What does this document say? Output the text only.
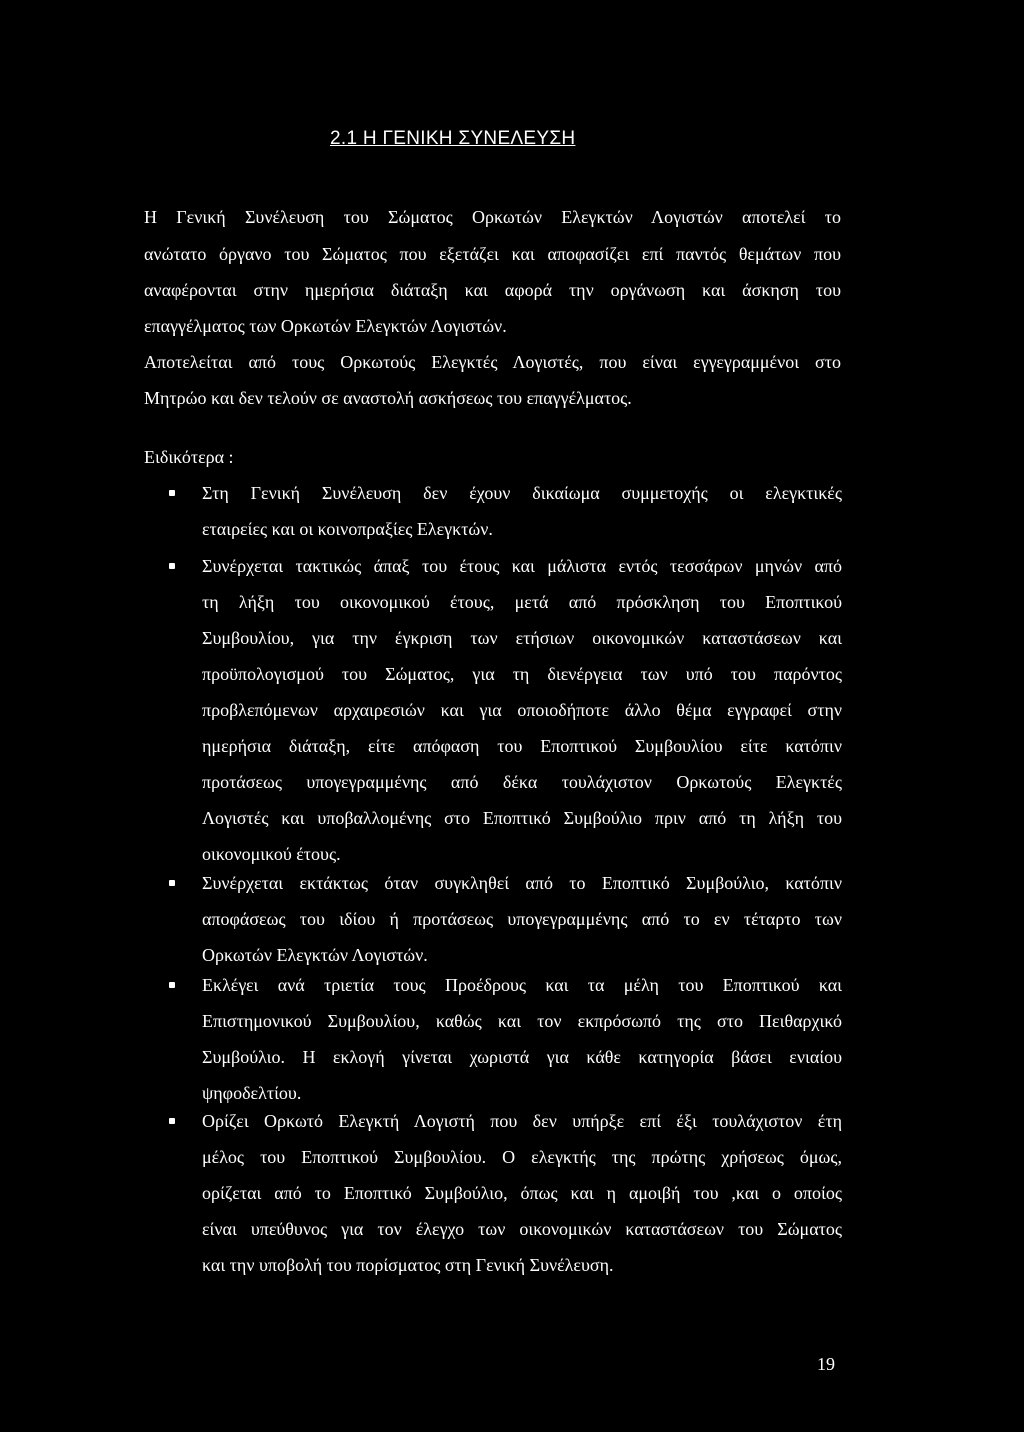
2.1 Η ΓΕΝΙΚΗ ΣΥΝΕΛΕΥΣΗ
Η Γενική Συνέλευση του Σώματος Ορκωτών Ελεγκτών Λογιστών αποτελεί το
ανώτατο όργανο του Σώματος που εξετάζει και αποφασίζει επί παντός θεμάτων που
αναφέρονται στην ημερήσια διάταξη και αφορά την οργάνωση και άσκηση του
επαγγέλματος των Ορκωτών Ελεγκτών Λογιστών.
Αποτελείται από τους Ορκωτούς Ελεγκτές Λογιστές, που είναι εγγεγραμμένοι στο
Μητρώο και δεν τελούν σε αναστολή ασκήσεως του επαγγέλματος.
Ειδικότερα :
Στη Γενική Συνέλευση δεν έχουν δικαίωμα συμμετοχής οι ελεγκτικές
εταιρείες και οι κοινοπραξίες Ελεγκτών.
Συνέρχεται τακτικώς άπαξ του έτους και μάλιστα εντός τεσσάρων μηνών από
τη λήξη του οικονομικού έτους, μετά από πρόσκληση του Εποπτικού
Συμβουλίου, για την έγκριση των ετήσιων οικονομικών καταστάσεων και
προϋπολογισμού του Σώματος, για τη διενέργεια των υπό του παρόντος
προβλεπόμενων αρχαιρεσιών και για οποιοδήποτε άλλο θέμα εγγραφεί στην
ημερήσια διάταξη, είτε απόφαση του Εποπτικού Συμβουλίου είτε κατόπιν
προτάσεως υπογεγραμμένης από δέκα τουλάχιστον Ορκωτούς Ελεγκτές
Λογιστές και υποβαλλομένης στο Εποπτικό Συμβούλιο πριν από τη λήξη του
οικονομικού έτους.
Συνέρχεται εκτάκτως όταν συγκληθεί από το Εποπτικό Συμβούλιο, κατόπιν
αποφάσεως του ιδίου ή προτάσεως υπογεγραμμένης από το εν τέταρτο των
Ορκωτών Ελεγκτών Λογιστών.
Εκλέγει ανά τριετία τους Προέδρους και τα μέλη του Εποπτικού και
Επιστημονικού Συμβουλίου, καθώς και τον εκπρόσωπό της στο Πειθαρχικό
Συμβούλιο. Η εκλογή γίνεται χωριστά για κάθε κατηγορία βάσει ενιαίου
ψηφοδελτίου.
Ορίζει Ορκωτό Ελεγκτή Λογιστή που δεν υπήρξε επί έξι τουλάχιστον έτη
μέλος του Εποπτικού Συμβουλίου. Ο ελεγκτής της πρώτης χρήσεως όμως,
ορίζεται από το Εποπτικό Συμβούλιο, όπως και η αμοιβή του ,και ο οποίος
είναι υπεύθυνος για τον έλεγχο των οικονομικών καταστάσεων του Σώματος
και την υποβολή του πορίσματος στη Γενική Συνέλευση.
19
